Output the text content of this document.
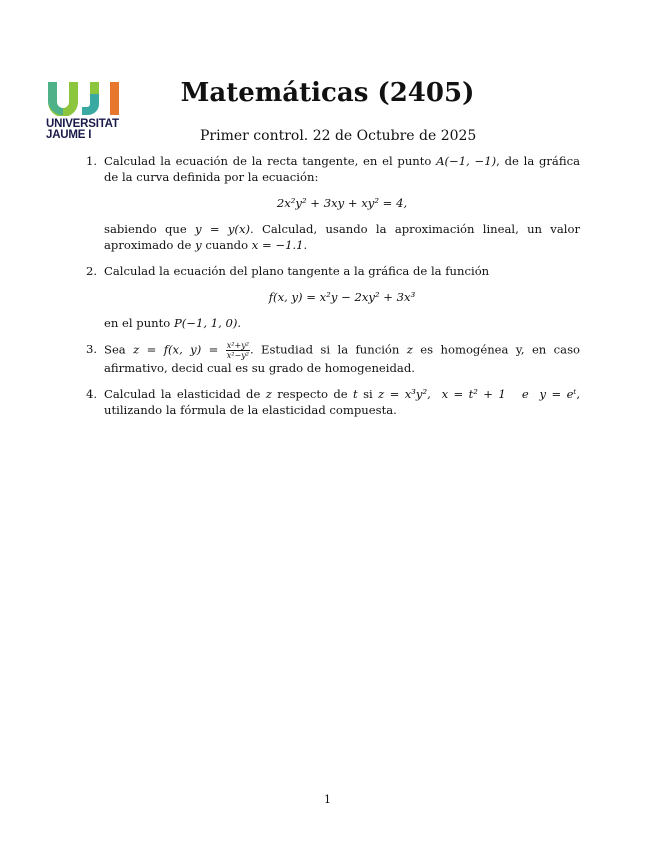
UNIVERSITAT
JAUME I
Matemáticas (2405)
Primer control. 22 de Octubre de 2025
1. Calculad la ecuación de la recta tangente, en el punto A(−1, −1), de la gráfica de la curva definida por la ecuación:
2x²y² + 3xy + xy² = 4,
sabiendo que y = y(x). Calculad, usando la aproximación lineal, un valor aproximado de y cuando x = −1.1.
2. Calculad la ecuación del plano tangente a la gráfica de la función
f(x, y) = x²y − 2xy² + 3x³
en el punto P(−1, 1, 0).
3. Sea z = f(x, $y) = \frac{\text{x²+y²}}{\text{x²−y²}}$ . Estudiad si la función z es homogénea y, en caso afirmativo, decid cual es su grado de homogeneidad.
4. Calculad la elasticidad de z respecto de t si z = x³y²,  x = t² + 1   e  y = eᵗ, utilizando la fórmula de la elasticidad compuesta.
1
